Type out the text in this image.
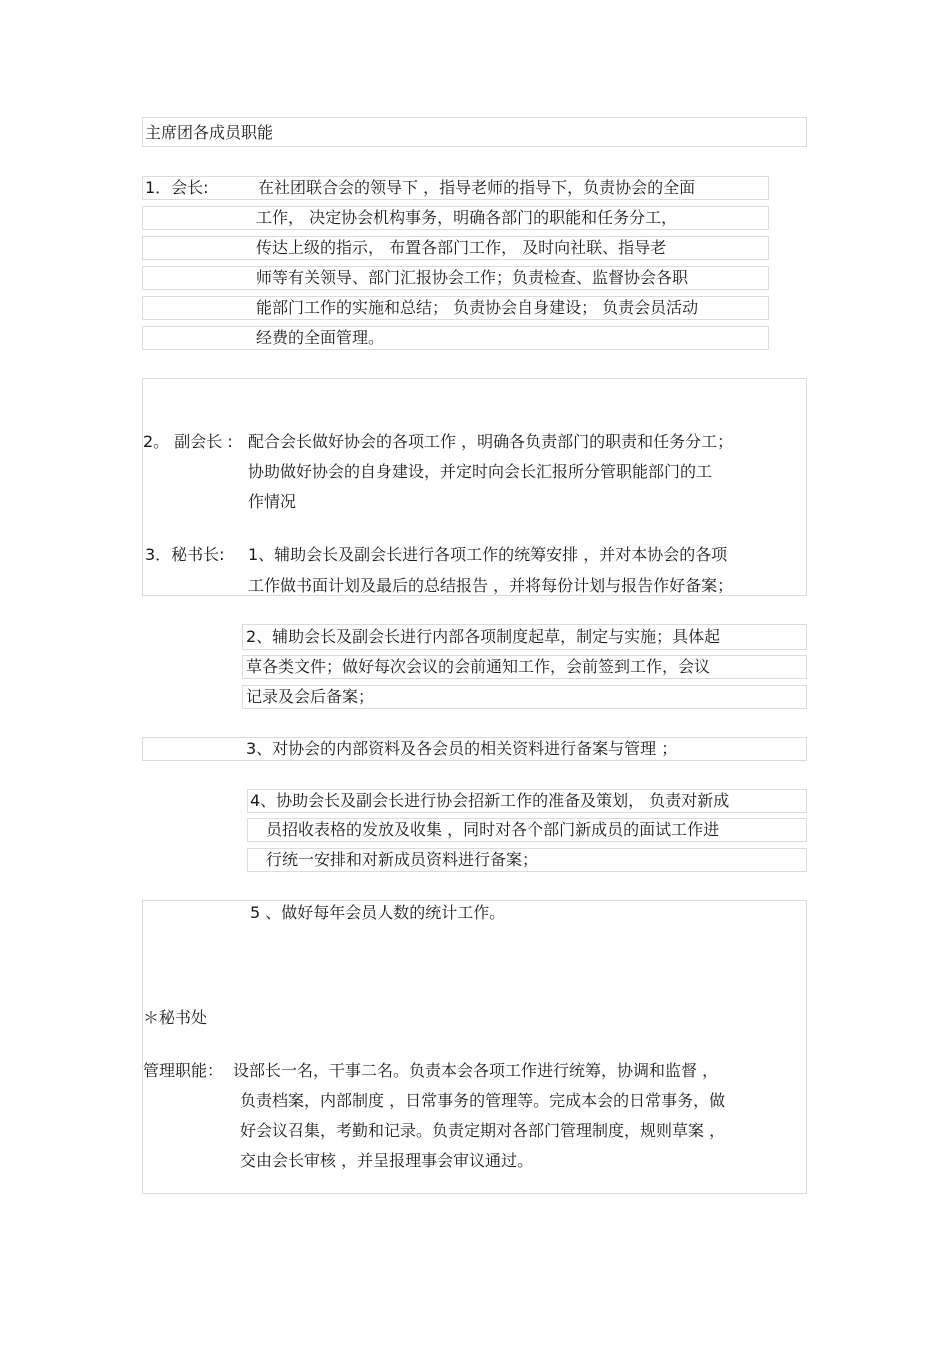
主席团各成员职能
1．会长:	在社团联合会的领导下 ，指导老师的指导下，负责协会的全面
工作， 决定协会机构事务，明确各部门的职能和任务分工，
传达上级的指示， 布置各部门工作， 及时向社联、指导老
师等有关领导、部门汇报协会工作；负责检查、监督协会各职
能部门工作的实施和总结； 负责协会自身建设； 负责会员活动
经费的全面管理。
2。 副会长 : 配合会长做好协会的各项工作 ，明确各负责部门的职责和任务分工；
协助做好协会的自身建设，并定时向会长汇报所分管职能部门的工
作情况
3．秘书长: 1、辅助会长及副会长进行各项工作的统筹安排 ，并对本协会的各项
工作做书面计划及最后的总结报告 ，并将每份计划与报告作好备案；
2、辅助会长及副会长进行内部各项制度起草，制定与实施；具体起
草各类文件；做好每次会议的会前通知工作，会前签到工作，会议
记录及会后备案；
3、对协会的内部资料及各会员的相关资料进行备案与管理 ；
4、协助会长及副会长进行协会招新工作的准备及策划， 负责对新成
员招收表格的发放及收集 ，同时对各个部门新成员的面试工作进
行统一安排和对新成员资料进行备案；
5 、做好每年会员人数的统计工作。
＊秘书处
管理职能： 设部长一名，干事二名。负责本会各项工作进行统筹，协调和监督 ，
负责档案，内部制度 ，日常事务的管理等。完成本会的日常事务，做
好会议召集，考勤和记录。负责定期对各部门管理制度，规则草案 ，
交由会长审核 ，并呈报理事会审议通过。
